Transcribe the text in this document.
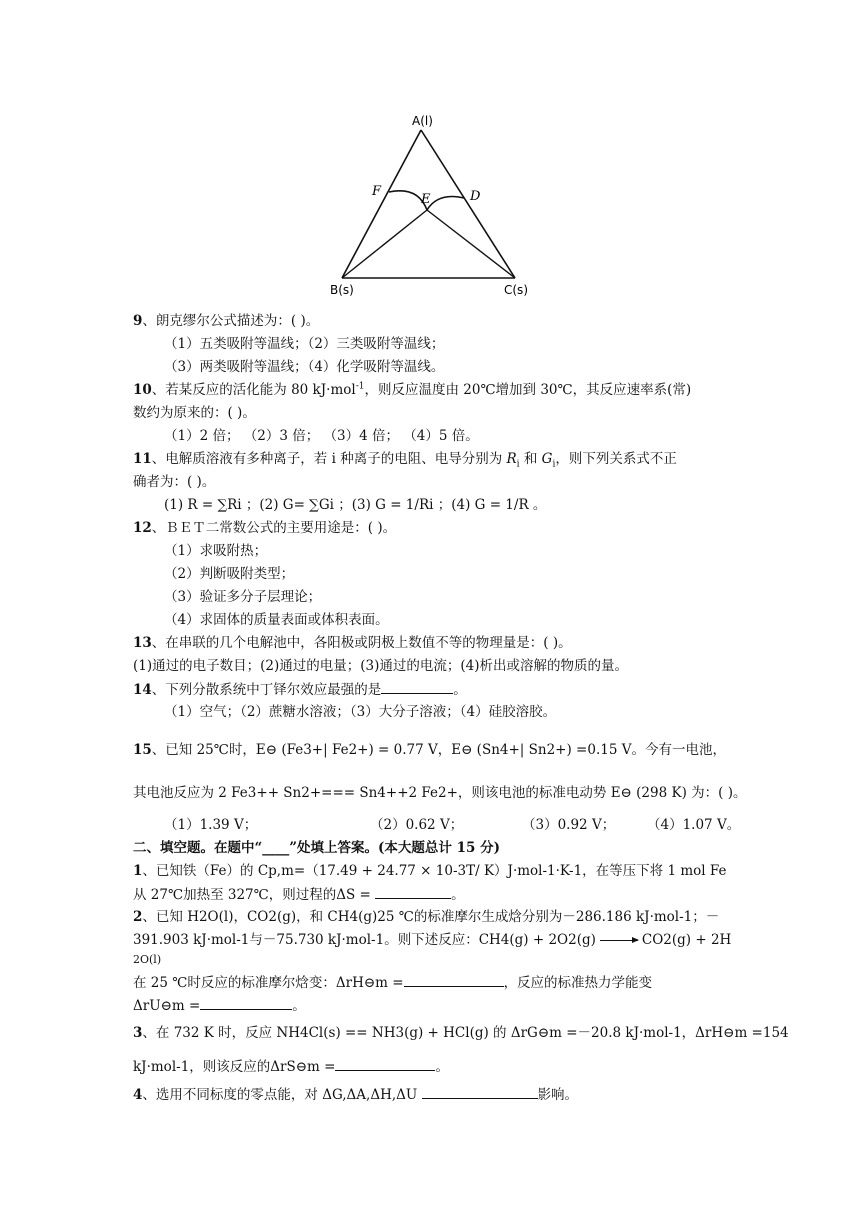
A(l)
B(s)	C(s)
F
E	D
9、朗克缪尔公式描述为：( )。
（1）五类吸附等温线；（2）三类吸附等温线；
（3）两类吸附等温线；（4）化学吸附等温线。
10、若某反应的活化能为 80 kJ·mol$^{-1}$，则反应温度由 20℃增加到 30℃，其反应速率系(常)
数约为原来的：( )。
（1）2 倍； （2）3 倍； （3）4 倍； （4）5 倍。
11、电解质溶液有多种离子，若 i 种离子的电阻、电导分别为 $R_i$ 和 $G_i$，则下列关系式不正
确者为：( )。
(1) R = ∑Ri ；(2) G= ∑Gi ；(3) G = 1/Ri ；(4) G = 1/R 。
12、ＢＥＴ二常数公式的主要用途是：( )。
（1）求吸附热；
（2）判断吸附类型；
（3）验证多分子层理论；
（4）求固体的质量表面或体积表面。
13、在串联的几个电解池中，各阳极或阴极上数值不等的物理量是：( )。
(1)通过的电子数目；(2)通过的电量；(3)通过的电流；(4)析出或溶解的物质的量。
14、下列分散系统中丁铎尔效应最强的是	。
（1）空气；（2）蔗糖水溶液；（3）大分子溶液；（4）硅胶溶胶。
15、已知 25℃时，E⊖ (Fe3+| Fe2+) = 0.77 V，E⊖ (Sn4+| Sn2+) =0.15 V。今有一电池，
其电池反应为 2 Fe3++ Sn2+=== Sn4++2 Fe2+，则该电池的标准电动势 E⊖ (298 K) 为：( )。
（1）1.39 V；	（2）0.62 V；	（3）0.92 V； （4）1.07 V。
二、填空题。在题中“____”处填上答案。(本大题总计 15 分)
1、已知铁（Fe）的 Cp,m=（17.49 + 24.77 × 10-3T/ K）J·mol-1·K-1，在等压下将 1 mol Fe
从 27℃加热至 327℃，则过程的ΔS =	。
2、已知 H2O(l)，CO2(g)，和 CH4(g)25 ℃的标准摩尔生成焓分别为－286.186 kJ·mol-1；－
391.903 kJ·mol-1与－75.730 kJ·mol-1。则下述反应：CH4(g) + 2O2(g) → CO2(g) + 2H
2O(l)
在 25 ℃时反应的标准摩尔焓变：ΔrH⊖m =	，反应的标准热力学能变
ΔrU⊖m =	。
3、在 732 K 时，反应 NH4Cl(s) == NH3(g) + HCl(g) 的 ΔrG⊖m =－20.8 kJ·mol-1，ΔrH⊖m =154
kJ·mol-1，则该反应的ΔrS⊖m =	。
4、选用不同标度的零点能，对 ΔG,ΔA,ΔH,ΔU	影响。
